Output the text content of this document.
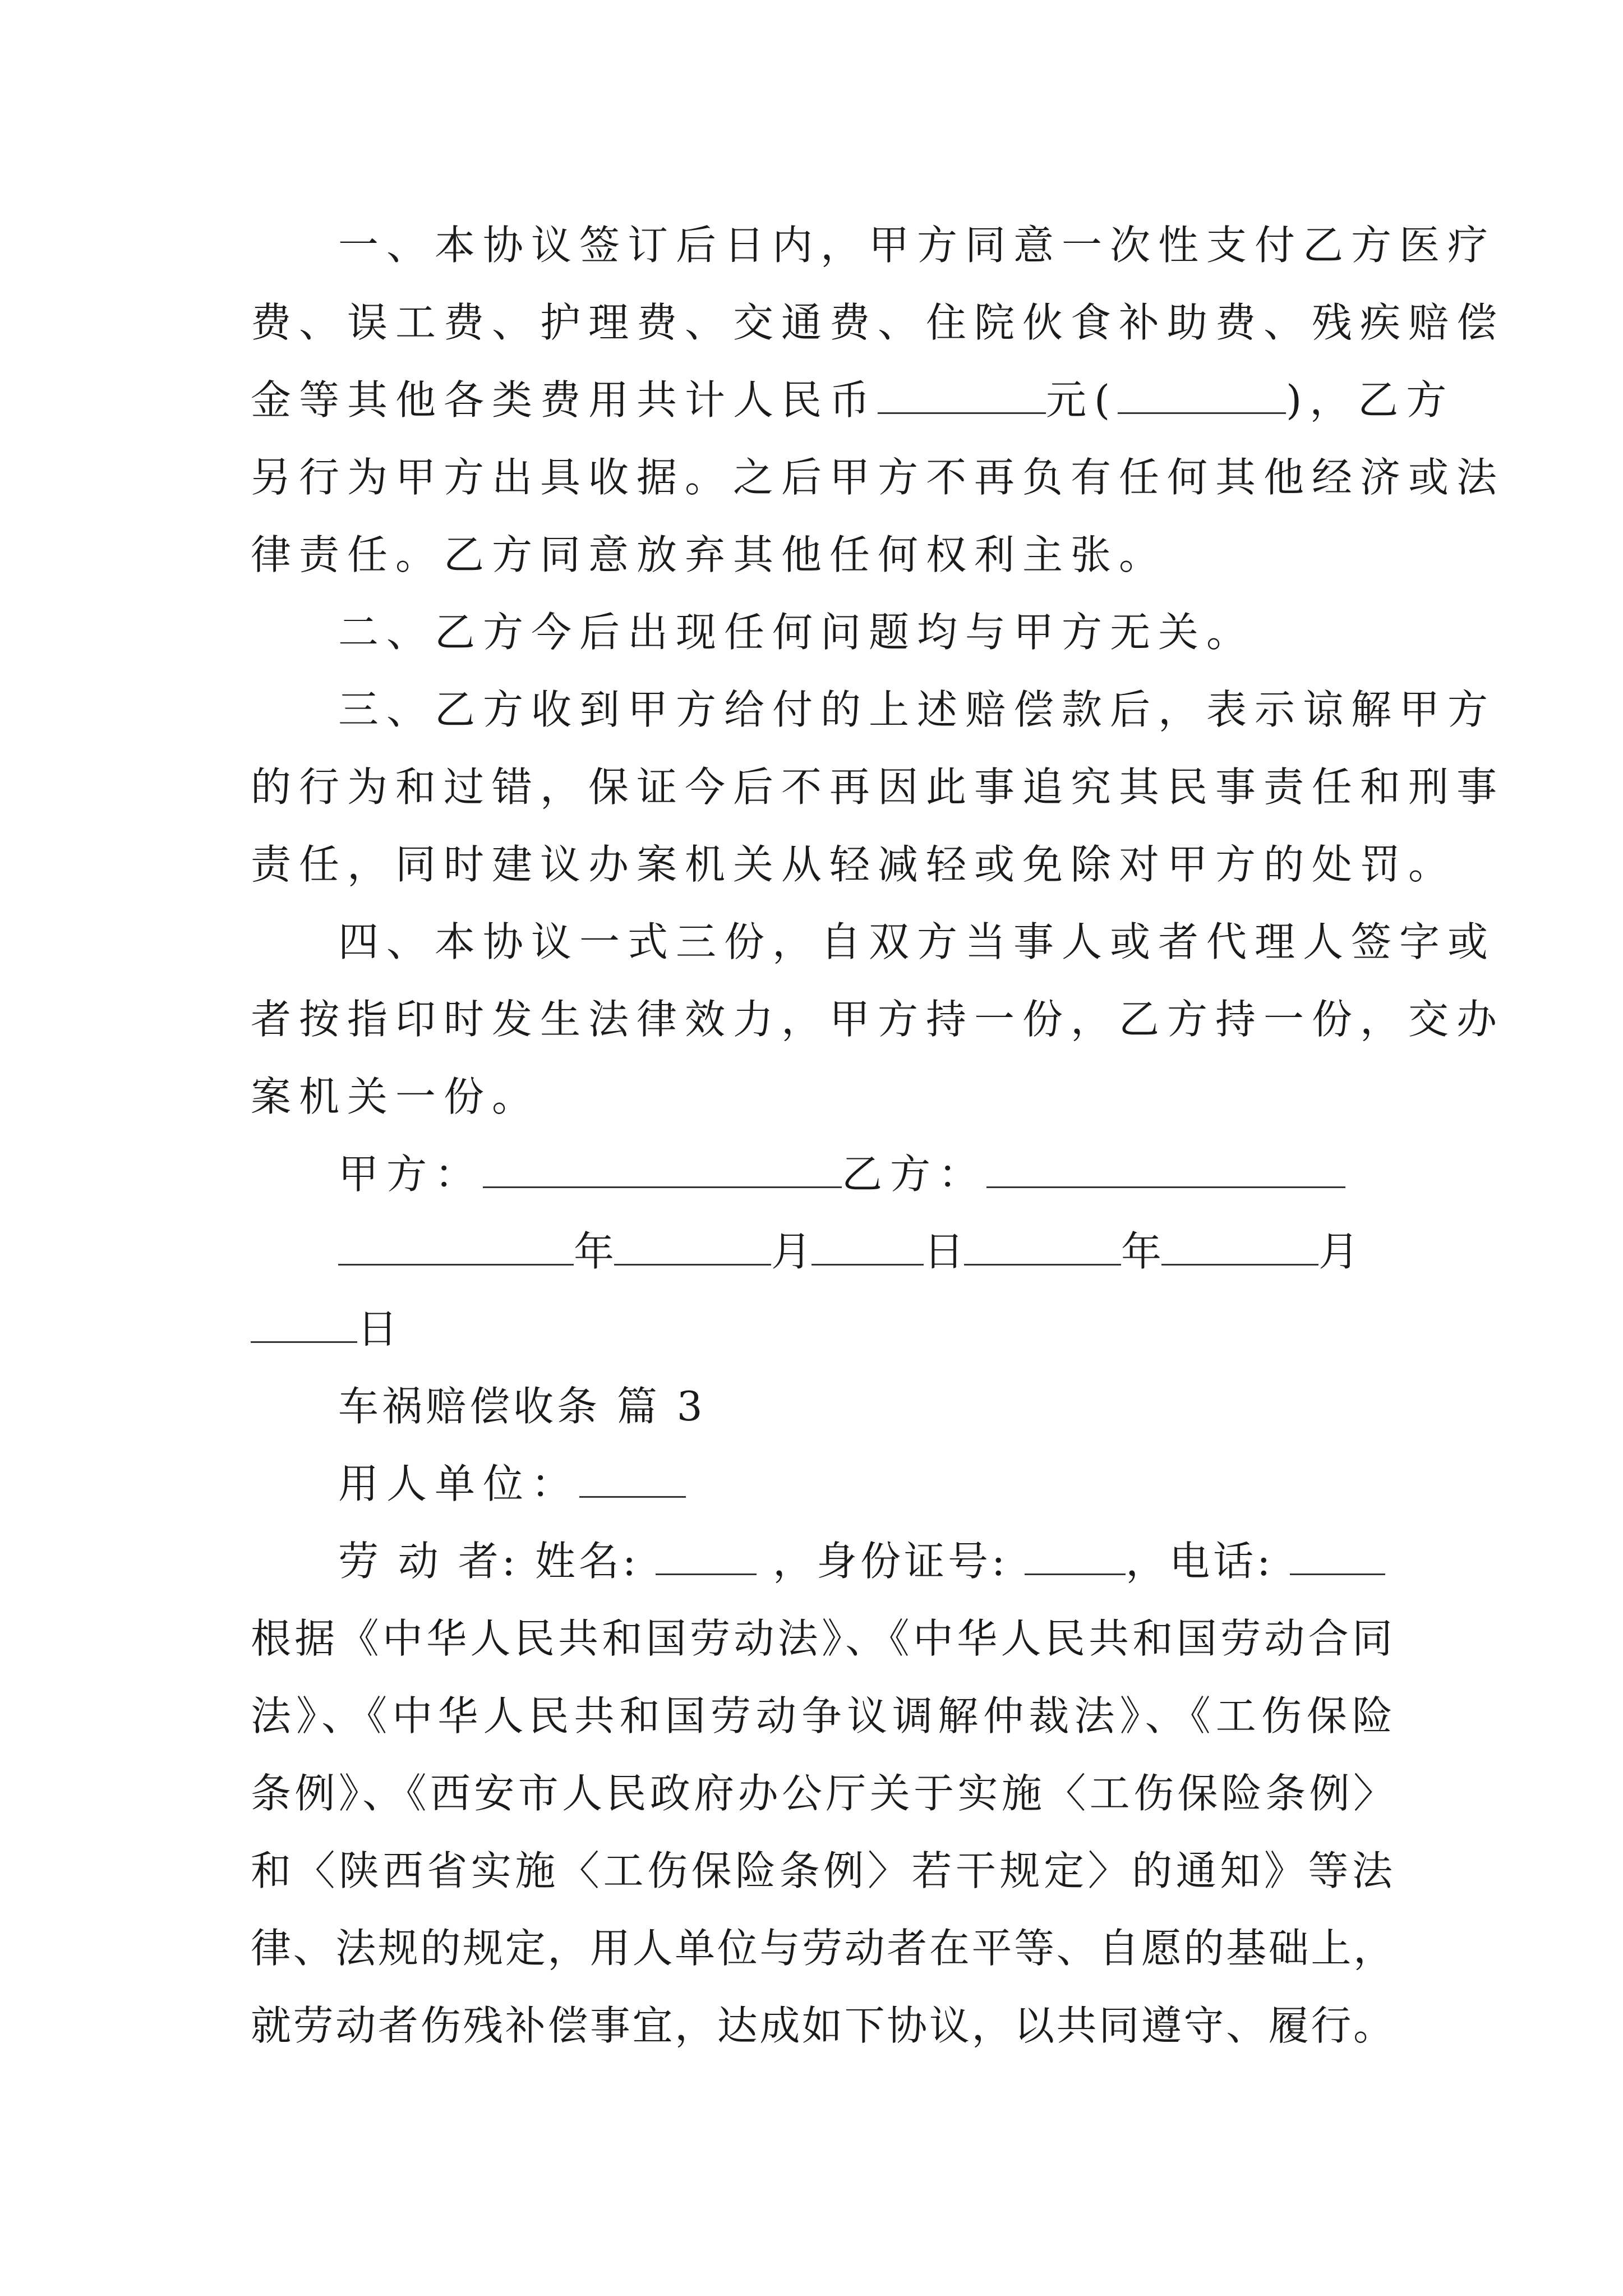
一、本协议签订后日内，甲方同意一次性支付乙方医疗
费、误工费、护理费、交通费、住院伙食补助费、残疾赔偿
金等其他各类费用共计人民币	元(	)，乙方
另行为甲方出具收据。之后甲方不再负有任何其他经济或法
律责任。乙方同意放弃其他任何权利主张。
二、乙方今后出现任何问题均与甲方无关。
三、乙方收到甲方给付的上述赔偿款后，表示谅解甲方
的行为和过错，保证今后不再因此事追究其民事责任和刑事
责任，同时建议办案机关从轻减轻或免除对甲方的处罚。
四、本协议一式三份，自双方当事人或者代理人签字或
者按指印时发生法律效力，甲方持一份，乙方持一份，交办
案机关一份。
甲方：	乙方：
年	月	日	年	月
日
车祸赔偿收条 篇 3
用人单位：
劳 动 者: 姓名:	，身份证号:	，电话:
根据《中华人民共和国劳动法》、《中华人民共和国劳动合同
法》、《中华人民共和国劳动争议调解仲裁法》、《工伤保险
条例》、《西安市人民政府办公厅关于实施〈工伤保险条例〉
和〈陕西省实施〈工伤保险条例〉若干规定〉的通知》等法
律、法规的规定，用人单位与劳动者在平等、自愿的基础上，
就劳动者伤残补偿事宜，达成如下协议，以共同遵守、履行。
